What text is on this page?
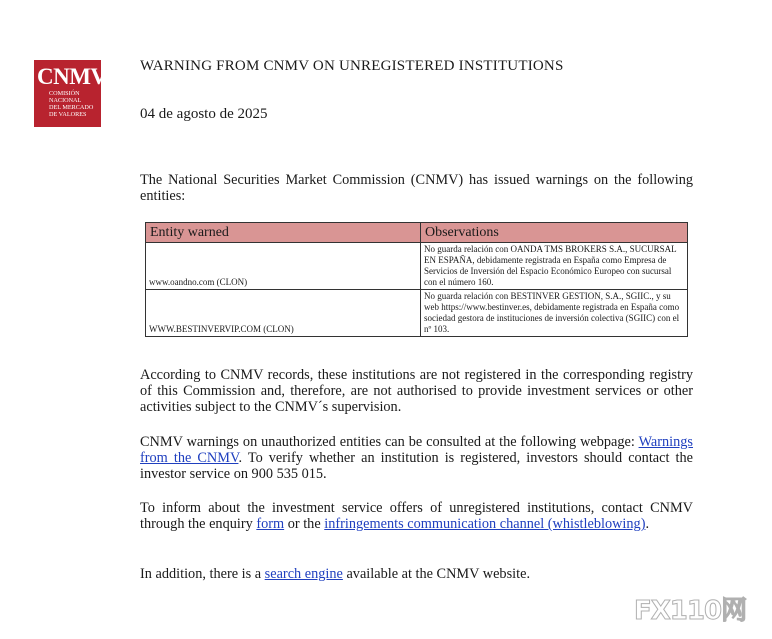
CNMV
COMISIÓN
NACIONAL
DEL MERCADO
DE VALORES
WARNING FROM CNMV ON UNREGISTERED INSTITUTIONS
04 de agosto de 2025
The National Securities Market Commission (CNMV) has issued warnings on the following entities:
Entity warned	Observations
www.oandno.com (CLON)	No guarda relación con OANDA TMS BROKERS S.A., SUCURSAL EN ESPAÑA, debidamente registrada en España como Empresa de Servicios de Inversión del Espacio Económico Europeo con sucursal con el número 160.
WWW.BESTINVERVIP.COM (CLON)	No guarda relación con BESTINVER GESTION, S.A., SGIIC., y su web https://www.bestinver.es, debidamente registrada en España como sociedad gestora de instituciones de inversión colectiva (SGIIC) con el nº 103.
According to CNMV records, these institutions are not registered in the corresponding registry of this Commission and, therefore, are not authorised to provide investment services or other activities subject to the CNMV´s supervision.
CNMV warnings on unauthorized entities can be consulted at the following webpage: Warnings from the CNMV. To verify whether an institution is registered, investors should contact the investor service on 900 535 015.
To inform about the investment service offers of unregistered institutions, contact CNMV through the enquiry form or the infringements communication channel (whistleblowing).
In addition, there is a search engine available at the CNMV website.
FX110网
